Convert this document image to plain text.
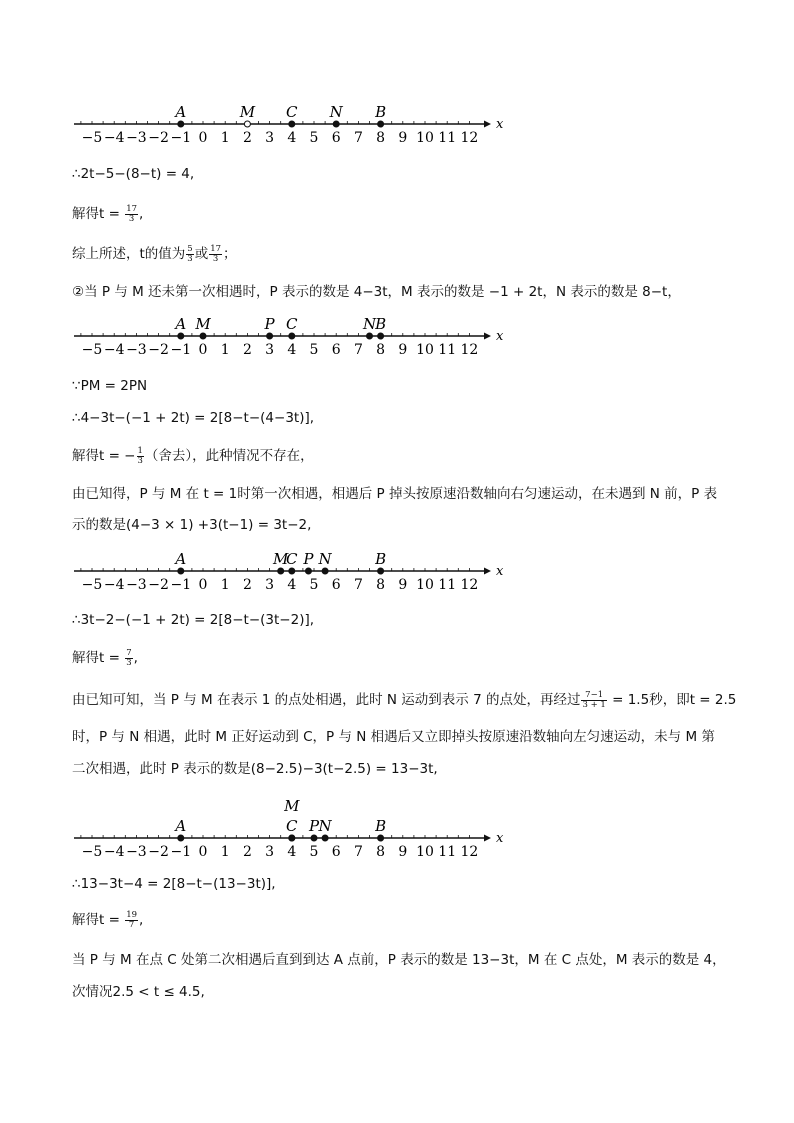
x
−5 −4 −3 −2 −1 0 1 2 3 4 5 6 7 8 9 10 11 12
A	M C N B
∴2t−5−(8−t) = 4,
解得$t = \frac{17}{3}$ ,
综上所述，t的值为 $\frac{5}{3}$ 或 $\frac{17}{3}$ ；
②当 P 与 M 还未第一次相遇时，P 表示的数是 4−3t，M 表示的数是 −1 + 2t，N 表示的数是 8−t，
x
−5 −4 −3 −2 −1 0 1 2 3 4 5 6 7 8 9 10 11 12
A M	P C	N B
∵PM = 2PN
∴4−3t−(−1 + 2t) = 2[8−t−(4−3t)],
解得t = − $\frac{1}{3}$ （舍去），此种情况不存在，
由已知得，P 与 M 在 t = 1时第一次相遇，相遇后 P 掉头按原速沿数轴向右匀速运动，在未遇到 N 前，P 表
示的数是(4−3 × 1) +3(t−1) = 3t−2,
x
−5 −4 −3 −2 −1 0 1 2 3 4 5 6 7 8 9 10 11 12
A	M
C P N	B
∴3t−2−(−1 + 2t) = 2[8−t−(3t−2)],
解得$t = \frac{7}{3}$ ,
由已知可知，当 P 与 M 在表示 1 的点处相遇，此时 N 运动到表示 7 的点处，再经过 $\frac{7-1}{3 + 1} = 1.5$秒，即t = 2.5
时，P 与 N 相遇，此时 M 正好运动到 C，P 与 N 相遇后又立即掉头按原速沿数轴向左匀速运动，未与 M 第
二次相遇，此时 P 表示的数是(8−2.5)−3(t−2.5) = 13−3t,
x
−5 −4 −3 −2 −1 0 1 2 3 4 5 6 7 8 9 10 11 12
A
M
C P N	B
∴13−3t−4 = 2[8−t−(13−3t)],
解得$t = \frac{19}{7}$ ,
当 P 与 M 在点 C 处第二次相遇后直到到达 A 点前，P 表示的数是 13−3t，M 在 C 点处，M 表示的数是 4，
次情况2.5 < t ≤ 4.5,
